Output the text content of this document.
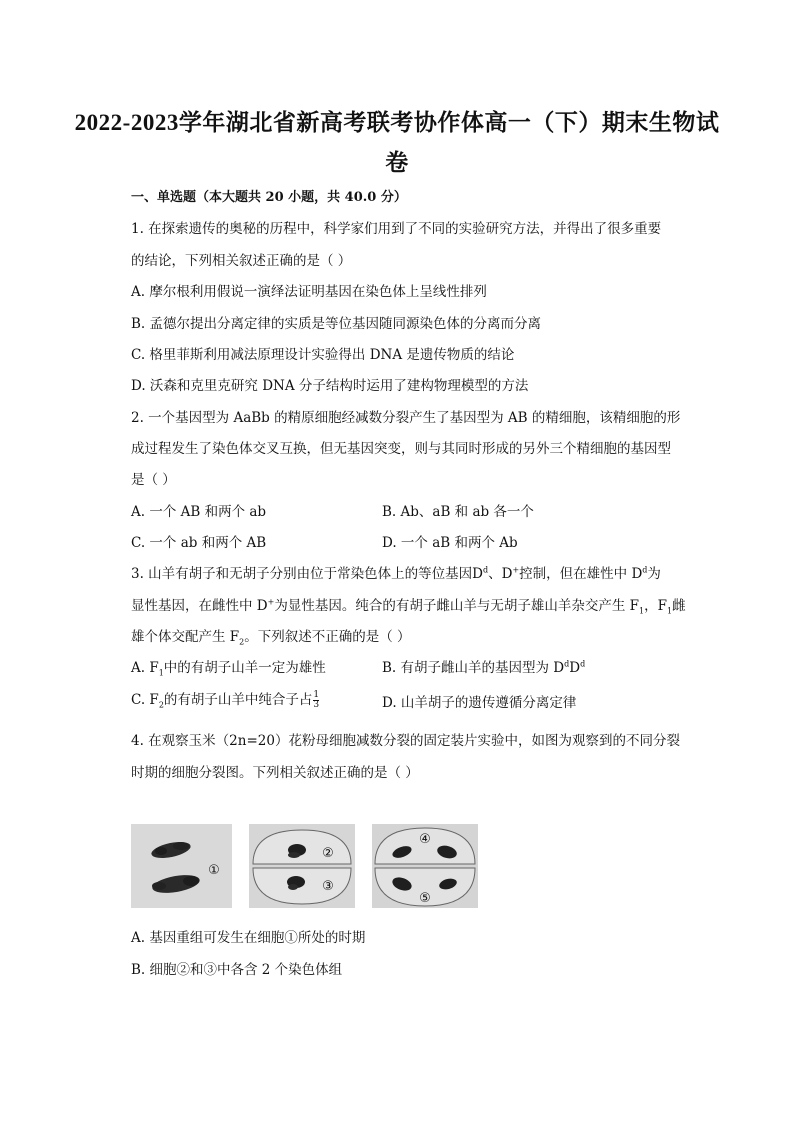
2022-2023学年湖北省新高考联考协作体高一（下）期末生物试
卷
一、单选题（本大题共 20 小题，共 40.0 分）
1. 在探索遗传的奥秘的历程中，科学家们用到了不同的实验研究方法，并得出了很多重要
的结论，下列相关叙述正确的是（ ）
A. 摩尔根利用假说一演绎法证明基因在染色体上呈线性排列
B. 孟德尔提出分离定律的实质是等位基因随同源染色体的分离而分离
C. 格里菲斯利用减法原理设计实验得出 DNA 是遗传物质的结论
D. 沃森和克里克研究 DNA 分子结构时运用了建构物理模型的方法
2. 一个基因型为 AaBb 的精原细胞经减数分裂产生了基因型为 AB 的精细胞，该精细胞的形
成过程发生了染色体交叉互换，但无基因突变，则与其同时形成的另外三个精细胞的基因型
是（ ）
A. 一个 AB 和两个 ab	B. Ab、aB 和 ab 各一个
C. 一个 ab 和两个 AB	D. 一个 aB 和两个 Ab
3. 山羊有胡子和无胡子分别由位于常染色体上的等位基因$D^d$、D+控制，但在雄性中 $D^d$为
显性基因，在雌性中 D+为显性基因。纯合的有胡子雌山羊与无胡子雄山羊杂交产生 $F_1$，$F_1$雌
雄个体交配产生 $F_2$。下列叙述不正确的是（ ）
A. $F_1$中的有胡子山羊一定为雄性	B. 有胡子雌山羊的基因型为 $D^dD^d$
C. $F_2$的有胡子山羊中纯合子占 $\frac{1}{3}$	D. 山羊胡子的遗传遵循分离定律
4. 在观察玉米（2n=20）花粉母细胞减数分裂的固定装片实验中，如图为观察到的不同分裂
时期的细胞分裂图。下列相关叙述正确的是（ ）
①
②
③
④
⑤
A. 基因重组可发生在细胞①所处的时期
B. 细胞②和③中各含 2 个染色体组
